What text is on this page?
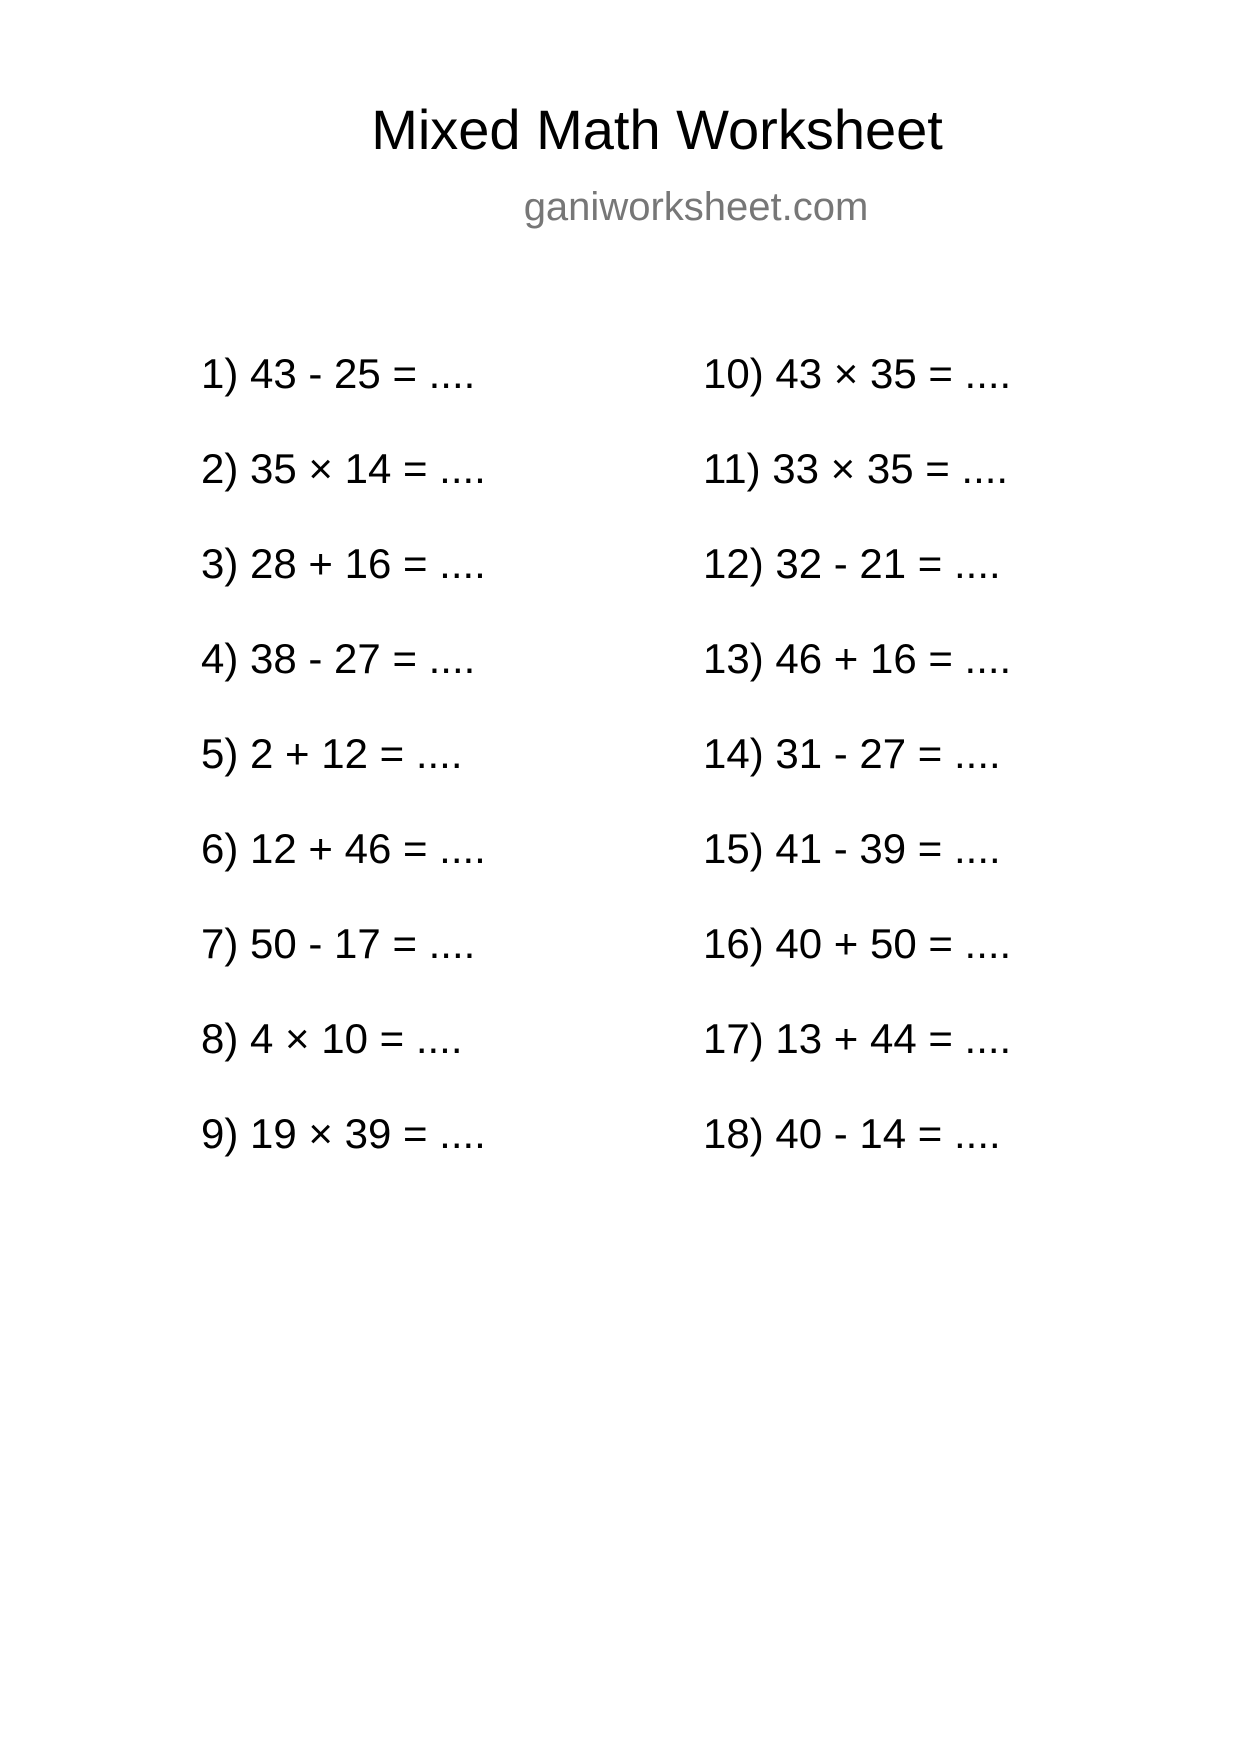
Mixed Math Worksheet
ganiworksheet.com
1) 43 - 25 = ....
2) 35 × 14 = ....
3) 28 + 16 = ....
4) 38 - 27 = ....
5) 2 + 12 = ....
6) 12 + 46 = ....
7) 50 - 17 = ....
8) 4 × 10 = ....
9) 19 × 39 = ....
10) 43 × 35 = ....
11) 33 × 35 = ....
12) 32 - 21 = ....
13) 46 + 16 = ....
14) 31 - 27 = ....
15) 41 - 39 = ....
16) 40 + 50 = ....
17) 13 + 44 = ....
18) 40 - 14 = ....
